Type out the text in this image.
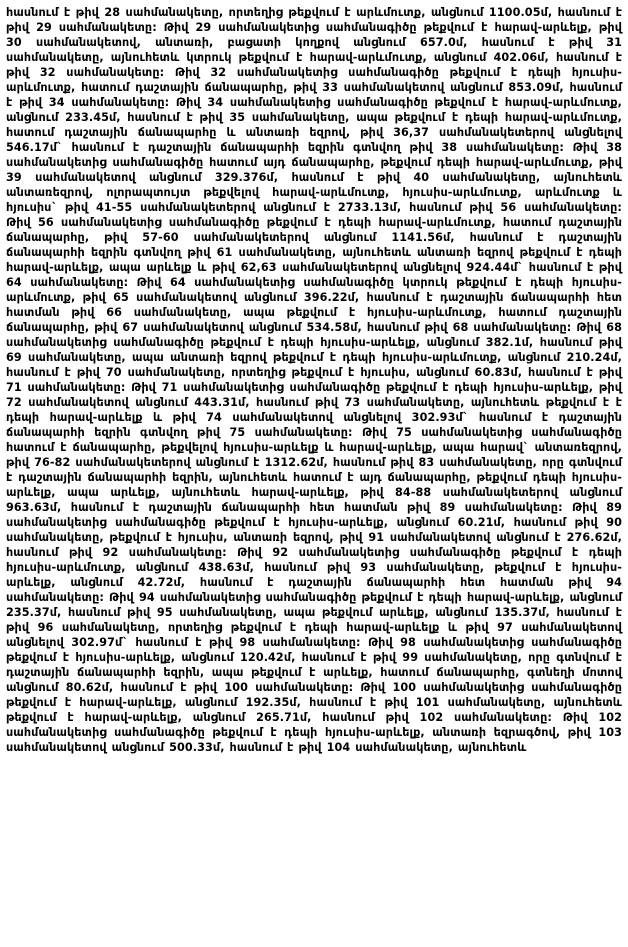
հասնում է թիվ 28 սահմանակետը, որտեղից թեքվում է արևմուտք, անցնում 1100.05մ, հասնում է թիվ 29 սահմանակետը: Թիվ 29 սահմանակետից սահմանագիծը թեքվում է հարավ-արևելք, թիվ 30 սահմանակետով, անտառի, բացատի կողքով անցնում 657.0մ, հասնում է թիվ 31 սահմանակետը, այնուհետև կտրուկ թեքվում է հարավ-արևմուտք, անցնում 402.06մ, հասնում է թիվ 32 սահմանակետը: Թիվ 32 սահմանակետից սահմանագիծը թեքվում է դեպի հյուսիս-արևմուտք, հատում դաշտային ճանապարհը, թիվ 33 սահմանակետով անցնում 853.09մ, հասնում է թիվ 34 սահմանակետը: Թիվ 34 սահմանակետից սահմանագիծը թեքվում է հարավ-արևմուտք, անցնում 233.45մ, հասնում է թիվ 35 սահմանակետը, ապա թեքվում է դեպի հարավ-արևմուտք, հատում դաշտային ճանապարհը և անտառի եզրով, թիվ 36,37 սահմանակետերով անցնելով 546.17մ` հասնում է դաշտային ճանապարհի եզրին գտնվող թիվ 38 սահմանակետը: Թիվ 38 սահմանակետից սահմանագիծը հատում այդ ճանապարհը, թեքվում դեպի հարավ-արևմուտք, թիվ 39 սահմանակետով անցնում 329.376մ, հասնում է թիվ 40 սահմանակետը, այնուհետև անտառեզրով, ոլորապտույտ թեքվելով հարավ-արևմուտք, հյուսիս-արևմուտք, արևմուտք և հյուսիս` թիվ 41-55 սահմանակետերով անցնում է 2733.13մ, հասնում թիվ 56 սահմանակետը: Թիվ 56 սահմանակետից սահմանագիծը թեքվում է դեպի հարավ-արևմուտք, հատում դաշտային ճանապարհը, թիվ 57-60 սահմանակետերով անցնում 1141.56մ, հասնում է դաշտային ճանապարհի եզրին գտնվող թիվ 61 սահմանակետը, այնուհետև անտառի եզրով թեքվում է դեպի հարավ-արևելք, ապա արևելք և թիվ 62,63 սահմանակետերով անցնելով 924.44մ` հասնում է թիվ 64 սահմանակետը: Թիվ 64 սահմանակետից սահմանագիծը կտրուկ թեքվում է դեպի հյուսիս-արևմուտք, թիվ 65 սահմանակետով անցնում 396.22մ, հասնում է դաշտային ճանապարհի հետ հատման թիվ 66 սահմանակետը, ապա թեքվում է հյուսիս-արևմուտք, հատում դաշտային ճանապարհը, թիվ 67 սահմանակետով անցնում 534.58մ, հասնում թիվ 68 սահմանակետը: Թիվ 68 սահմանակետից սահմանագիծը թեքվում է դեպի հյուսիս-արևելք, անցնում 382.1մ, հասնում թիվ 69 սահմանակետը, ապա անտառի եզրով թեքվում է դեպի հյուսիս-արևմուտք, անցնում 210.24մ, հասնում է թիվ 70 սահմանակետը, որտեղից թեքվում է հյուսիս, անցնում 60.83մ, հասնում է թիվ 71 սահմանակետը: Թիվ 71 սահմանակետից սահմանագիծը թեքվում է դեպի հյուսիս-արևելք, թիվ 72 սահմանակետով անցնում 443.31մ, հասնում թիվ 73 սահմանակետը, այնուհետև թեքվում է է դեպի հարավ-արևելք և թիվ 74 սահմանակետով անցնելով 302.93մ` հասնում է դաշտային ճանապարհի եզրին գտնվող թիվ 75 սահմանակետը: Թիվ 75 սահմանակետից սահմանագիծը հատում է ճանապարհը, թեքվելով հյուսիս-արևելք և հարավ-արևելք, ապա հարավ` անտառեզրով, թիվ 76-82 սահմանակետերով անցնում է 1312.62մ, հասնում թիվ 83 սահմանակետը, որը գտնվում է դաշտային ճանապարհի եզրին, այնուհետև հատում է այդ ճանապարհը, թեքվում դեպի հյուսիս-արևելք, ապա արևելք, այնուհետև հարավ-արևելք, թիվ 84-88 սահմանակետերով անցնում 963.63մ, հասնում է դաշտային ճանապարհի հետ հատման թիվ 89 սահմանակետը: Թիվ 89 սահմանակետից սահմանագիծը թեքվում է հյուսիս-արևելք, անցնում 60.21մ, հասնում թիվ 90 սահմանակետը, թեքվում է հյուսիս, անտառի եզրով, թիվ 91 սահմանակետով անցնում է 276.62մ, հասնում թիվ 92 սահմանակետը: Թիվ 92 սահմանակետից սահմանագիծը թեքվում է դեպի հյուսիս-արևմուտք, անցնում 438.63մ, հասնում թիվ 93 սահմանակետը, թեքվում է հյուսիս-արևելք, անցնում 42.72մ, հասնում է դաշտային ճանապարհի հետ հատման թիվ 94 սահմանակետը: Թիվ 94 սահմանակետից սահմանագիծը թեքվում է դեպի հարավ-արևելք, անցնում 235.37մ, հասնում թիվ 95 սահմանակետը, ապա թեքվում արևելք, անցնում 135.37մ, հասնում է թիվ 96 սահմանակետը, որտեղից թեքվում է դեպի հարավ-արևելք և թիվ 97 սահմանակետով անցնելով 302.97մ` հասնում է թիվ 98 սահմանակետը: Թիվ 98 սահմանակետից սահմանագիծը թեքվում է հյուսիս-արևելք, անցնում 120.42մ, հասնում է թիվ 99 սահմանակետը, որը գտնվում է դաշտային ճանապարհի եզրին, ապա թեքվում է արևելք, հատում ճանապարհը, գտնեղի մոտով անցնում 80.62մ, հասնում է թիվ 100 սահմանակետը: Թիվ 100 սահմանակետից սահմանագիծը թեքվում է հարավ-արևելք, անցնում 192.35մ, հասնում է թիվ 101 սահմանակետը, այնուհետև թեքվում է հարավ-արևելք, անցնում 265.71մ, հասնում թիվ 102 սահմանակետը: Թիվ 102 սահմանակետից սահմանագիծը թեքվում է դեպի հյուսիս-արևելք, անտառի եզրագծով, թիվ 103 սահմանակետով անցնում 500.33մ, հասնում է թիվ 104 սահմանակետը, այնուհետև
